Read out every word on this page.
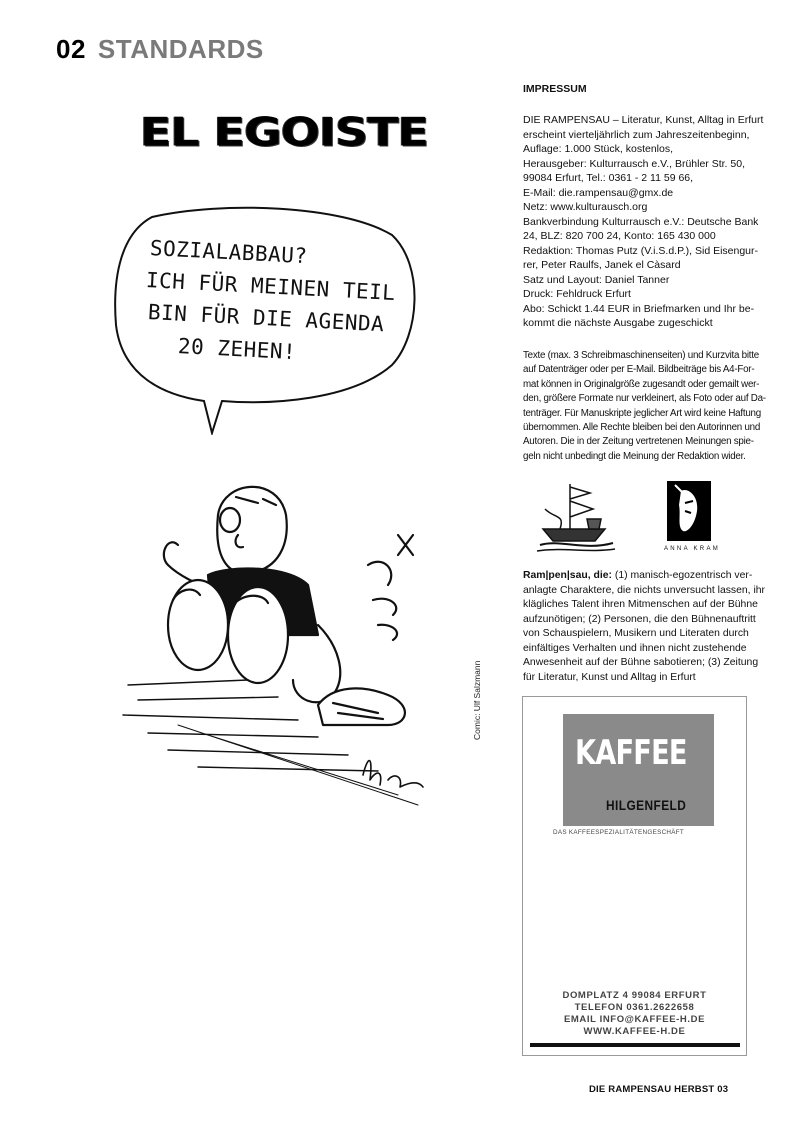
02 STANDARDS
EL EGOISTE
SOZIALABBAU?
ICH FÜR MEINEN TEIL
BIN FÜR DIE AGENDA
20 ZEHEN!
Comic: Ulf Salzmann
IMPRESSUM
DIE RAMPENSAU – Literatur, Kunst, Alltag in Erfurt
erscheint vierteljährlich zum Jahreszeitenbeginn,
Auflage: 1.000 Stück, kostenlos,
Herausgeber: Kulturrausch e.V., Brühler Str. 50,
99084 Erfurt, Tel.: 0361 - 2 11 59 66,
E-Mail: die.rampensau@gmx.de
Netz: www.kulturausch.org
Bankverbindung Kulturrausch e.V.: Deutsche Bank
24, BLZ: 820 700 24, Konto: 165 430 000
Redaktion: Thomas Putz (V.i.S.d.P.), Sid Eisengur-
rer, Peter Raulfs, Janek el Càsard
Satz und Layout: Daniel Tanner
Druck: Fehldruck Erfurt
Abo: Schickt 1.44 EUR in Briefmarken und Ihr be-
kommt die nächste Ausgabe zugeschickt
Texte (max. 3 Schreibmaschinenseiten) und Kurzvita bitte
auf Datenträger oder per E-Mail. Bildbeiträge bis A4-For-
mat können in Originalgröße zugesandt oder gemailt wer-
den, größere Formate nur verkleinert, als Foto oder auf Da-
tenträger. Für Manuskripte jeglicher Art wird keine Haftung
übernommen. Alle Rechte bleiben bei den Autorinnen und
Autoren. Die in der Zeitung vertretenen Meinungen spie-
geln nicht unbedingt die Meinung der Redaktion wider.
ANNA KRAM
Ram|pen|sau, die: (1) manisch-egozentrisch ver-
anlagte Charaktere, die nichts unversucht lassen, ihr
klägliches Talent ihren Mitmenschen auf der Bühne
aufzunötigen; (2) Personen, die den Bühnenauftritt
von Schauspielern, Musikern und Literaten durch
einfältiges Verhalten und ihnen nicht zustehende
Anwesenheit auf der Bühne sabotieren; (3) Zeitung
für Literatur, Kunst und Alltag in Erfurt
KAFFEE
HILGENFELD
DAS KAFFEESPEZIALITÄTENGESCHÄFT
DOMPLATZ 4 99084 ERFURT
TELEFON 0361.2622658
EMAIL INFO@KAFFEE-H.DE
WWW.KAFFEE-H.DE
DIE RAMPENSAU HERBST 03
